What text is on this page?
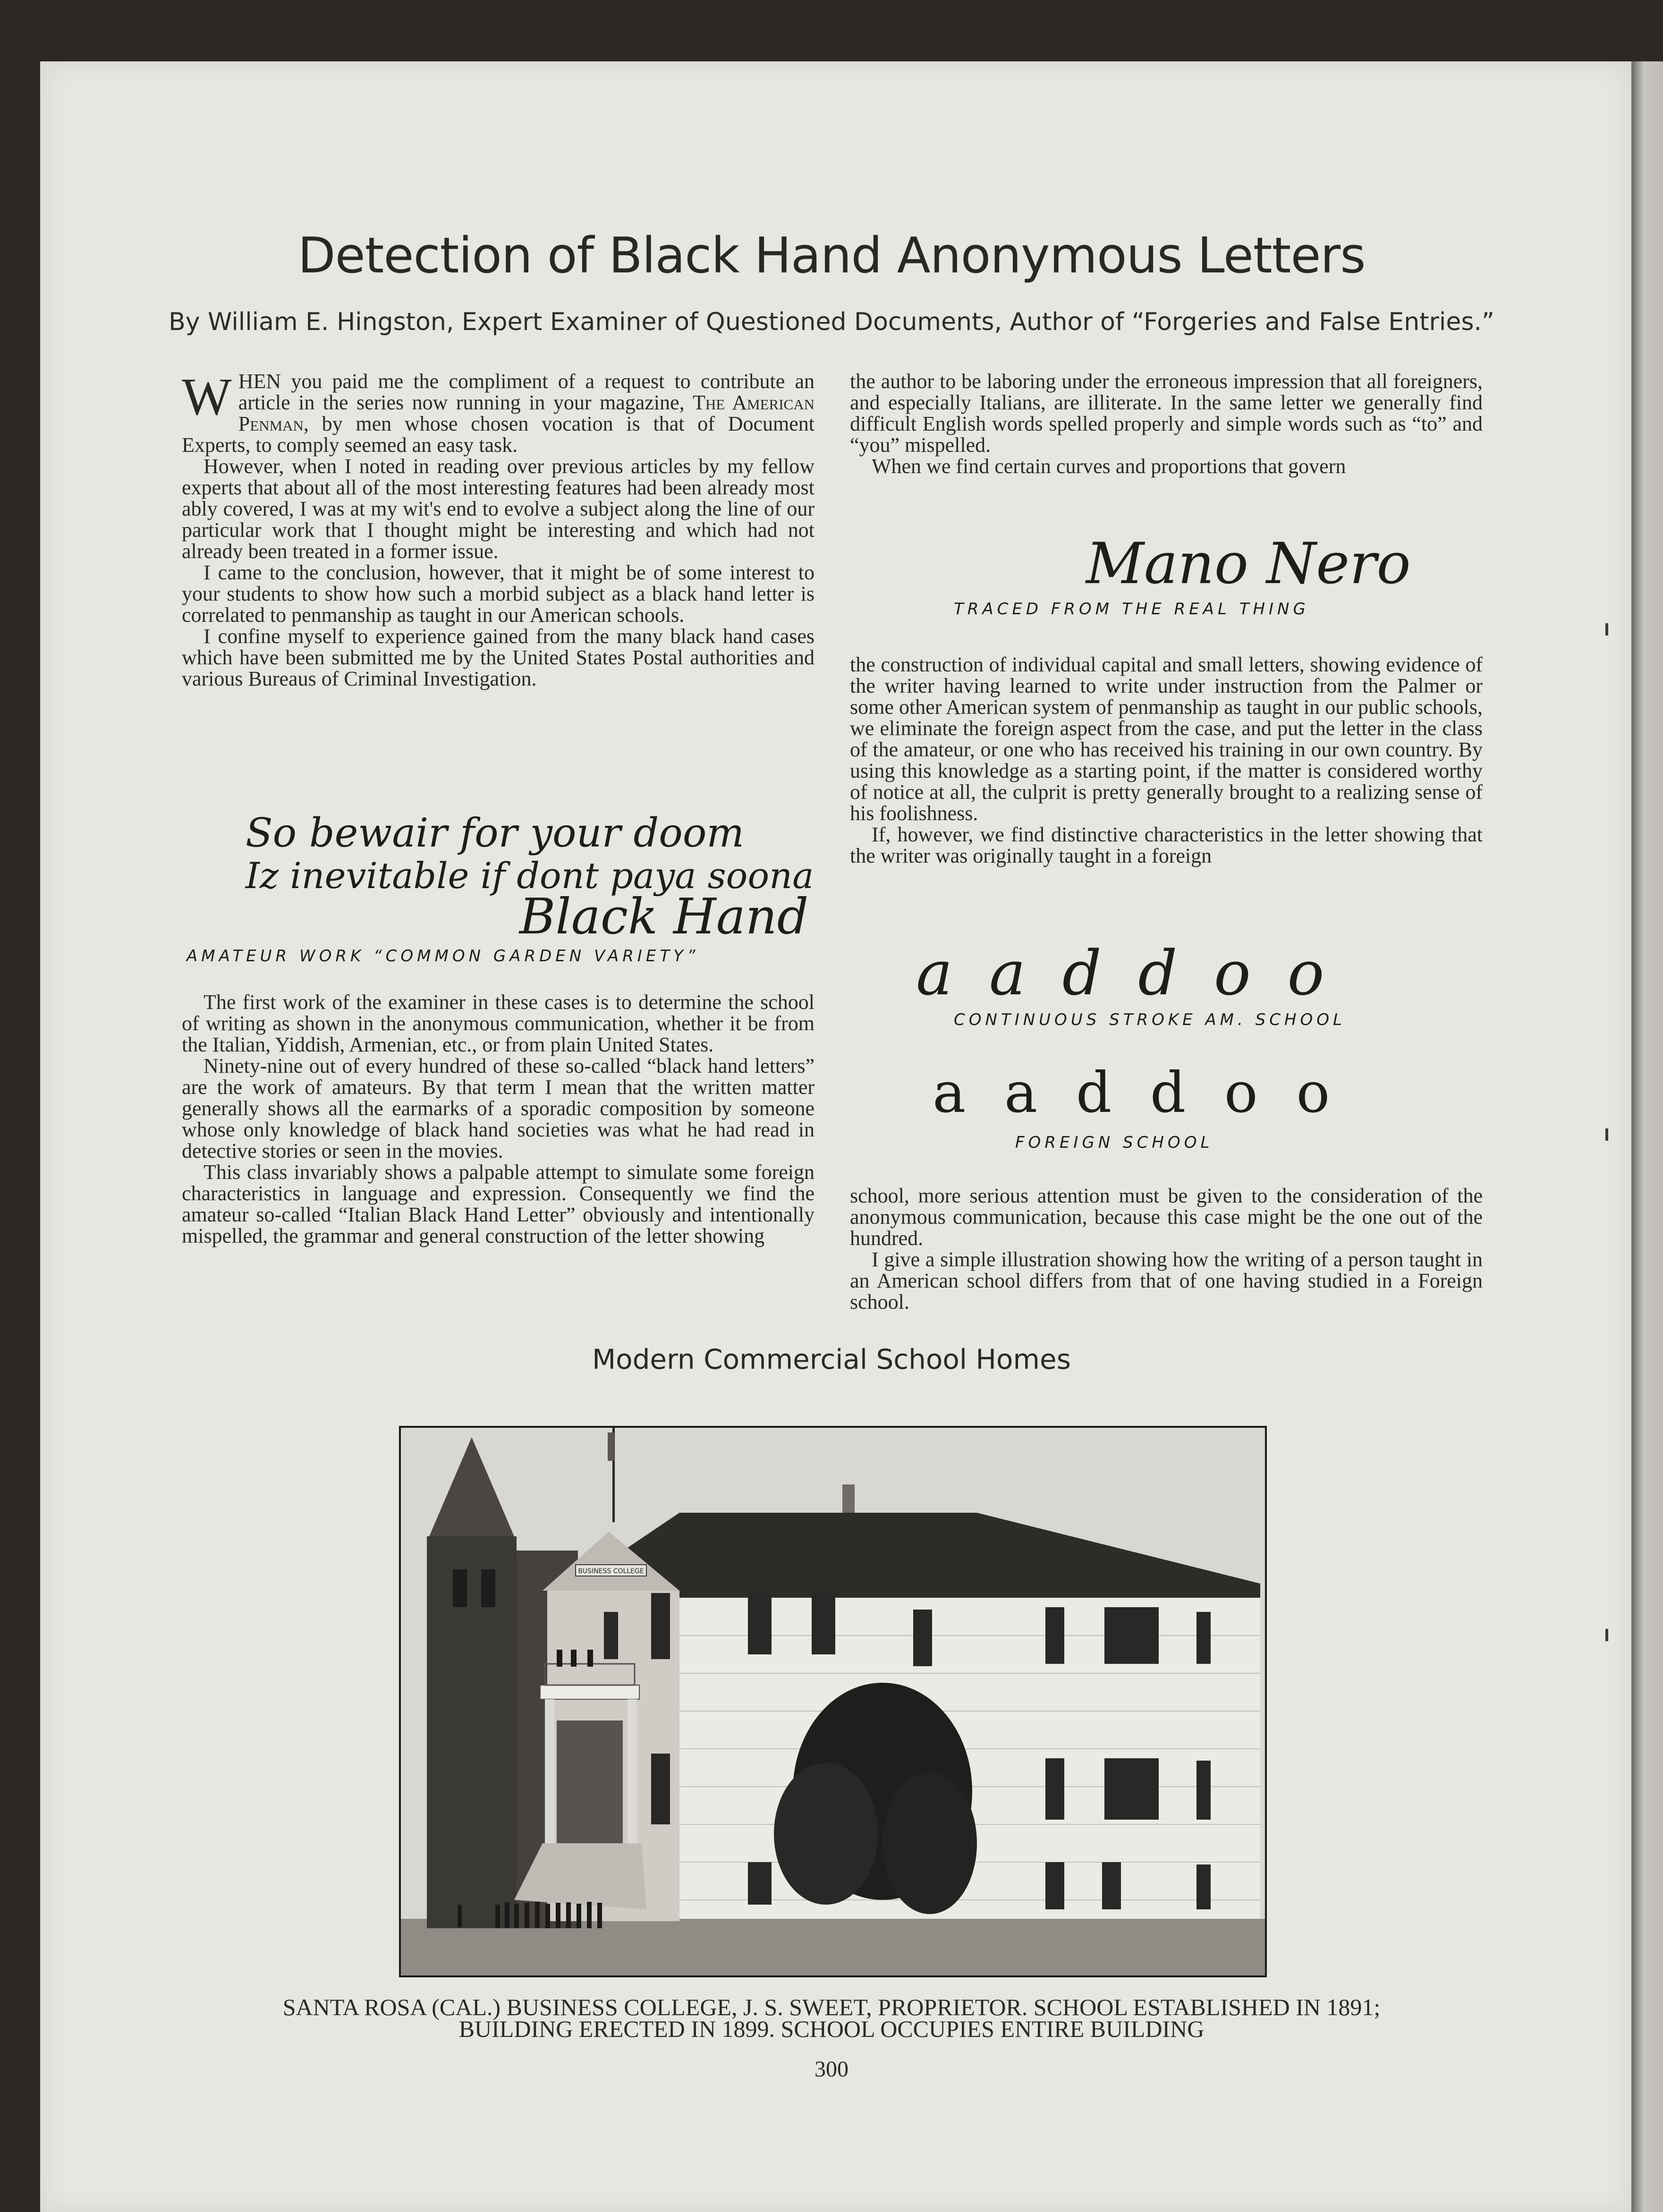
Detection of Black Hand Anonymous Letters
By William E. Hingston, Expert Examiner of Questioned Documents, Author of “Forgeries and False Entries.”

WHEN you paid me the compliment of a request to contribute an article in the series now running in your magazine, The American Penman, by men whose chosen vocation is that of Document Experts, to comply seemed an easy task.

However, when I noted in reading over previous articles by my fellow experts that about all of the most interesting features had been already most ably covered, I was at my wit's end to evolve a subject along the line of our particular work that I thought might be interesting and which had not already been treated in a former issue.

I came to the conclusion, however, that it might be of some interest to your students to show how such a morbid subject as a black hand letter is correlated to penmanship as taught in our American schools.

I confine myself to experience gained from the many black hand cases which have been submitted me by the United States Postal authorities and various Bureaus of Criminal Investigation.

So bewair for your doom
Iz inevitable if dont paya soona
Black Hand
AMATEUR WORK “COMMON GARDEN VARIETY”

The first work of the examiner in these cases is to determine the school of writing as shown in the anonymous communication, whether it be from the Italian, Yiddish, Armenian, etc., or from plain United States.

Ninety-nine out of every hundred of these so-called “black hand letters” are the work of amateurs. By that term I mean that the written matter generally shows all the earmarks of a sporadic composition by someone whose only knowledge of black hand societies was what he had read in detective stories or seen in the movies.

This class invariably shows a palpable attempt to simulate some foreign characteristics in language and expression. Consequently we find the amateur so-called “Italian Black Hand Letter” obviously and intentionally mispelled, the grammar and general construction of the letter showing

the author to be laboring under the erroneous impression that all foreigners, and especially Italians, are illiterate. In the same letter we generally find difficult English words spelled properly and simple words such as “to” and “you” mispelled.

When we find certain curves and proportions that govern

Mano Nero
TRACED FROM THE REAL THING

the construction of individual capital and small letters, showing evidence of the writer having learned to write under instruction from the Palmer or some other American system of penmanship as taught in our public schools, we eliminate the foreign aspect from the case, and put the letter in the class of the amateur, or one who has received his training in our own country. By using this knowledge as a starting point, if the matter is considered worthy of notice at all, the culprit is pretty generally brought to a realizing sense of his foolishness.

If, however, we find distinctive characteristics in the letter showing that the writer was originally taught in a foreign

a a d d o o
CONTINUOUS STROKE AM. SCHOOL
a a d d o o
FOREIGN SCHOOL

school, more serious attention must be given to the consideration of the anonymous communication, because this case might be the one out of the hundred.

I give a simple illustration showing how the writing of a person taught in an American school differs from that of one having studied in a Foreign school.

Modern Commercial School Homes
BUSINESS COLLEGE
SANTA ROSA (CAL.) BUSINESS COLLEGE, J. S. SWEET, PROPRIETOR. SCHOOL ESTABLISHED IN 1891;
BUILDING ERECTED IN 1899. SCHOOL OCCUPIES ENTIRE BUILDING
300
